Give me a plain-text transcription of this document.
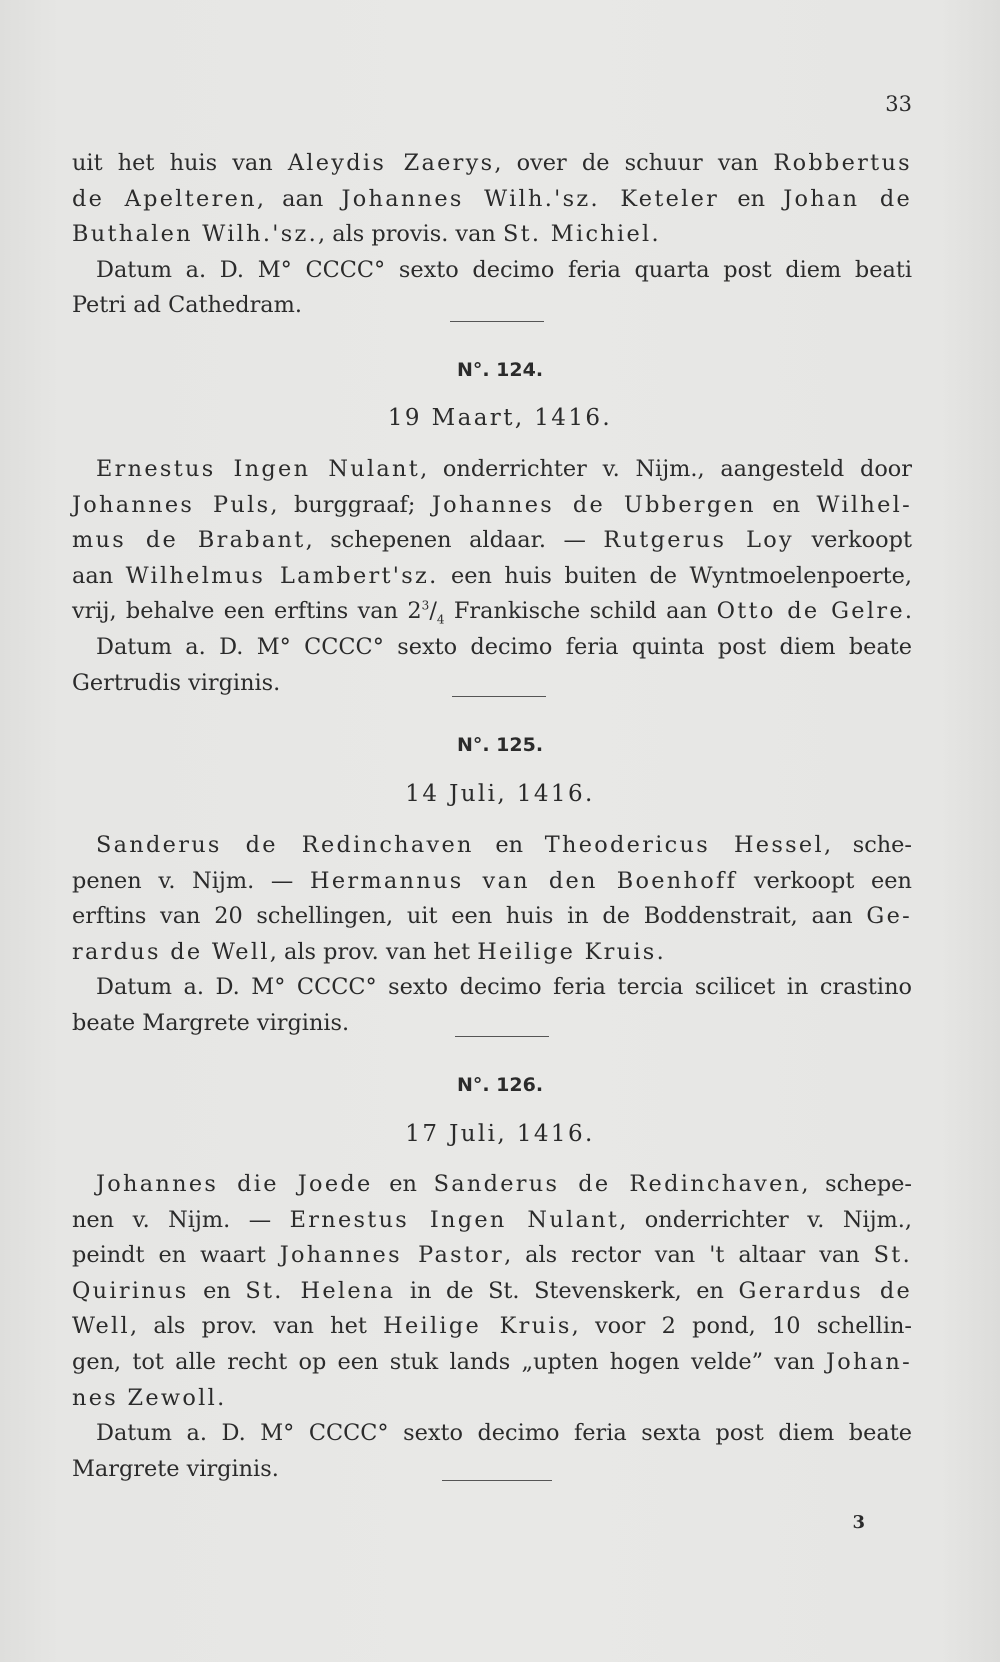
33

uit het huis van Aleydis Zaerys, over de schuur van Robbertus
de Apelteren, aan Johannes Wilh.'sz. Keteler en Johan de
Buthalen Wilh.'sz., als provis. van St. Michiel.

Datum a. D. M° CCCC° sexto decimo feria quarta post diem beati
Petri ad Cathedram.

N°. 124.
19 Maart, 1416.

Ernestus Ingen Nulant, onderrichter v. Nijm., aangesteld door
Johannes Puls, burggraaf; Johannes de Ubbergen en Wilhel-
mus de Brabant, schepenen aldaar. — Rutgerus Loy verkoopt
aan Wilhelmus Lambert'sz. een huis buiten de Wyntmoelenpoerte,
vrij, behalve een erftins van $2^3/_4$ Frankische schild aan Otto de Gelre.

Datum a. D. M° CCCC° sexto decimo feria quinta post diem beate
Gertrudis virginis.

N°. 125.
14 Juli, 1416.

Sanderus de Redinchaven en Theodericus Hessel, sche-
penen v. Nijm. — Hermannus van den Boenhoff verkoopt een
erftins van 20 schellingen, uit een huis in de Boddenstrait, aan Ge-
rardus de Well, als prov. van het Heilige Kruis.

Datum a. D. M° CCCC° sexto decimo feria tercia scilicet in crastino
beate Margrete virginis.

N°. 126.
17 Juli, 1416.

Johannes die Joede en Sanderus de Redinchaven, schepe-
nen v. Nijm. — Ernestus Ingen Nulant, onderrichter v. Nijm.,
peindt en waart Johannes Pastor, als rector van 't altaar van St.
Quirinus en St. Helena in de St. Stevenskerk, en Gerardus de
Well, als prov. van het Heilige Kruis, voor 2 pond, 10 schellin-
gen, tot alle recht op een stuk lands „upten hogen velde” van Johan-
nes Zewoll.

Datum a. D. M° CCCC° sexto decimo feria sexta post diem beate
Margrete virginis.

3
